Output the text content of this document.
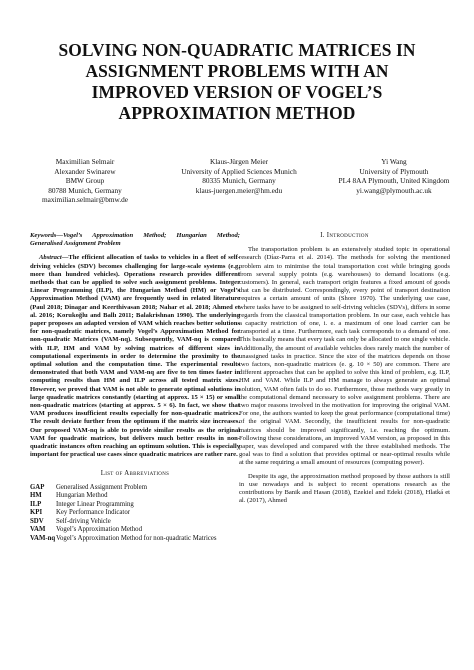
SOLVING NON-QUADRATIC MATRICES IN
ASSIGNMENT PROBLEMS WITH AN
IMPROVED VERSION OF VOGEL’S
APPROXIMATION METHOD
Maximilian Selmair
Alexander Swinarew
BMW Group
80788 Munich, Germany
maximilian.selmair@bmw.de
Klaus-Jürgen Meier
University of Applied Sciences Munich
80335 Munich, Germany
klaus-juergen.meier@hm.edu
Yi Wang
University of Plymouth
PL4 8AA Plymouth, United Kingdom
yi.wang@plymouth.ac.uk

Keywords—Vogel’s Approximation Method; Hungarian Method; Generalised Assignment Problem

Abstract—The efficient allocation of tasks to vehicles in a fleet of self-driving vehicles (SDV) becomes challenging for large-scale systems (e.g. more than hundred vehicles). Operations research provides different methods that can be applied to solve such assignment problems. Integer Linear Programming (ILP), the Hungarian Method (HM) or Vogel’s Approximation Method (VAM) are frequently used in related literature (Paul 2018; Dinagar and Keerthivasan 2018; Nahar et al. 2018; Ahmed et al. 2016; Korukoğlu and Ballı 2011; Balakrishnan 1990). The underlying paper proposes an adapted version of VAM which reaches better solutions for non-quadratic matrices, namely Vogel’s Approximation Method for non-quadratic Matrices (VAM-nq). Subsequently, VAM-nq is compared with ILP, HM and VAM by solving matrices of different sizes in computational experiments in order to determine the proximity to the optimal solution and the computation time. The experimental results demonstrated that both VAM and VAM-nq are five to ten times faster in computing results than HM and ILP across all tested matrix sizes. However, we proved that VAM is not able to generate optimal solutions in large quadratic matrices constantly (starting at approx. 15 × 15) or small non-quadratic matrices (starting at approx. 5 × 6). In fact, we show that VAM produces insufficient results especially for non-quadratic matrices. The result deviate further from the optimum if the matrix size increases. Our proposed VAM-nq is able to provide similar results as the original VAM for quadratic matrices, but delivers much better results in non-quadratic instances often reaching an optimum solution. This is especially important for practical use cases since quadratic matrices are rather rare.

List of Abbreviations
GAP	Generalised Assignment Problem
HM	Hungarian Method
ILP	Integer Linear Programming
KPI	Key Performance Indicator
SDV	Self-driving Vehicle
VAM	Vogel’s Approximation Method
VAM-nq Vogel’s Approximation Method for non-quadratic Matrices
I. Introduction

The transportation problem is an extensively studied topic in operational research (Díaz-Parra et al. 2014). The methods for solving the mentioned problem aim to minimise the total transportation cost while bringing goods from several supply points (e.g. warehouses) to demand locations (e.g. customers). In general, each transport origin features a fixed amount of goods that can be distributed. Correspondingly, every point of transport destination requires a certain amount of units (Shore 1970). The underlying use case, where tasks have to be assigned to self-driving vehicles (SDVs), differs in some regards from the classical transportation problem. In our case, each vehicle has a capacity restriction of one, i. e. a maximum of one load carrier can be transported at a time. Furthermore, each task corresponds to a demand of one. This basically means that every task can only be allocated to one single vehicle. Additionally, the amount of available vehicles does rarely match the number of unassigned tasks in practice. Since the size of the matrices depends on those two factors, non-quadratic matrices (e. g. 10 × 50) are common. There are different approaches that can be applied to solve this kind of problem, e.g. ILP, HM and VAM. While ILP and HM manage to always generate an optimal solution, VAM often fails to do so. Furthermore, those methods vary greatly in the computational demand necessary to solve assignment problems. There are two major reasons involved in the motivation for improving the original VAM. For one, the authors wanted to keep the great performance (computational time) of the original VAM. Secondly, the insufficient results for non-quadratic matrices should be improved significantly, i.e. reaching the optimum. Following these considerations, an improved VAM version, as proposed in this paper, was developed and compared with the three established methods. The goal was to find a solution that provides optimal or near-optimal results while at the same requiring a small amount of resources (computing power).

Despite its age, the approximation method proposed by those authors is still in use nowadays and is subject to recent operations research as the contributions by Banik and Hasan (2018), Ezekiel and Edeki (2018), Hlatká et al. (2017), Ahmed
